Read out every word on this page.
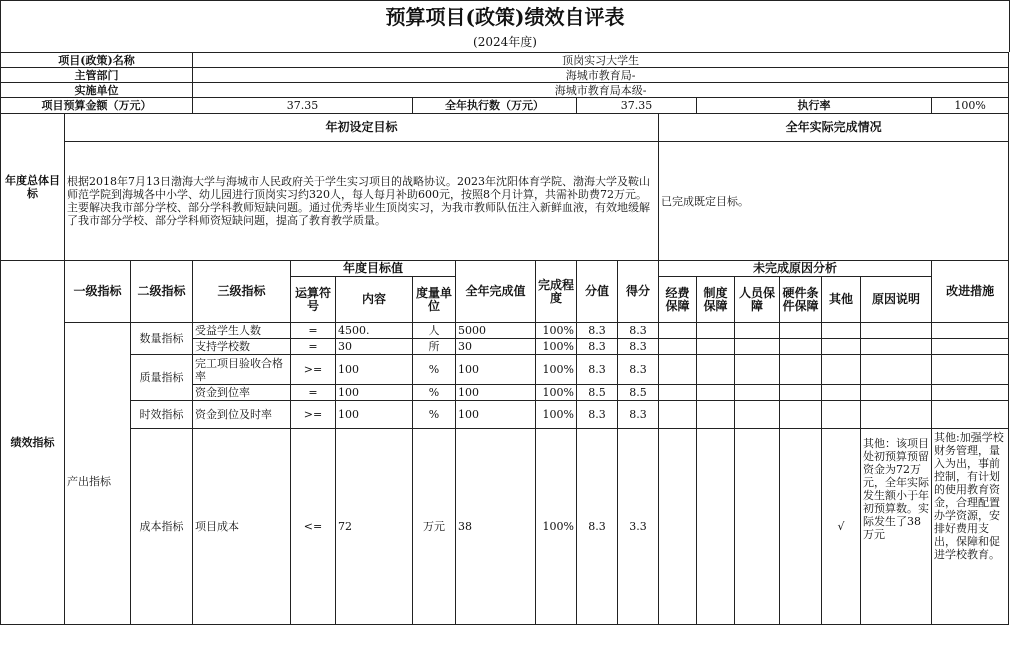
预算项目(政策)绩效自评表
(2024年度)
项目(政策)名称			顶岗实习大学生														
主管部门			海城市教育局-														
实施单位			海城市教育局本级-														
项目预算金额（万元）			37.35			全年执行数（万元）			37.35			执行率					100%
年度总体目标	年初设定目标										全年实际完成情况						
	根据2018年7月13日渤海大学与海城市人民政府关于学生实习项目的战略协议。2023年沈阳体育学院、渤海大学及鞍山师范学院到海城各中小学、幼儿园进行顶岗实习约320人，每人每月补助600元，按照8个月计算，共需补助费72万元。主要解决我市部分学校、部分学科教师短缺问题。通过优秀毕业生顶岗实习，为我市教师队伍注入新鲜血液，有效地缓解了我市部分学校、部分学科师资短缺问题，提高了教育教学质量。										已完成既定目标。						
绩效指标	一级指标	二级指标	三级指标	年度目标值			全年完成值	完成程度	分值	得分	未完成原因分析						改进措施
				运算符号	内容	度量单位					经费保障	制度保障	人员保障	硬件条件保障	其他	原因说明	

	产出指标	数量指标	受益学生人数	=	4500.	人	5000	100%	8.3	8.3							
			支持学校数	=	30	所	30	100%	8.3	8.3							
		质量指标	完工项目验收合格率	>=	100	%	100	100%	8.3	8.3							
			资金到位率	=	100	%	100	100%	8.5	8.5							
		时效指标	资金到位及时率	>=	100	%	100	100%	8.3	8.3							
		成本指标	项目成本	<=	72	万元	38	100%	8.3	3.3					√	其他：该项目处初预算预留资金为72万元，全年实际发生额小于年初预算数。实际发生了38万元	其他:加强学校财务管理，量入为出，事前控制，有计划的使用教育资金，合理配置办学资源，安排好费用支出，保障和促进学校教育。
